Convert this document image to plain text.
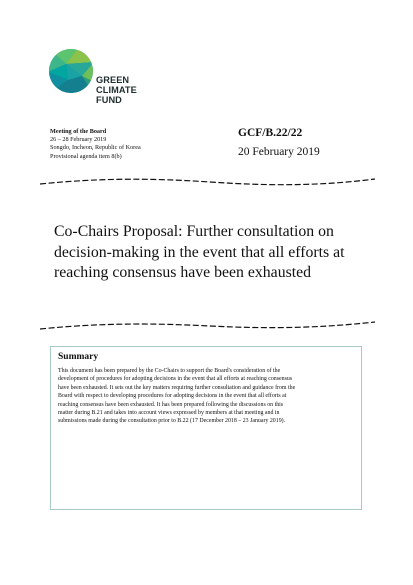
GREEN
CLIMATE
FUND
Meeting of the Board
26 – 28 February 2019
Songdo, Incheon, Republic of Korea
Provisional agenda item 8(b)
GCF/B.22/22
20 February 2019
Co-Chairs Proposal: Further consultation on decision-making in the event that all efforts at reaching consensus have been exhausted
Summary
This document has been prepared by the Co-Chairs to support the Board's consideration of the
development of procedures for adopting decisions in the event that all efforts at reaching consensus
have been exhausted. It sets out the key matters requiring further consultation and guidance from the
Board with respect to developing procedures for adopting decisions in the event that all efforts at
reaching consensus have been exhausted. It has been prepared following the discussions on this
matter during B.21 and takes into account views expressed by members at that meeting and in
submissions made during the consultation prior to B.22 (17 December 2018 – 23 January 2019).
